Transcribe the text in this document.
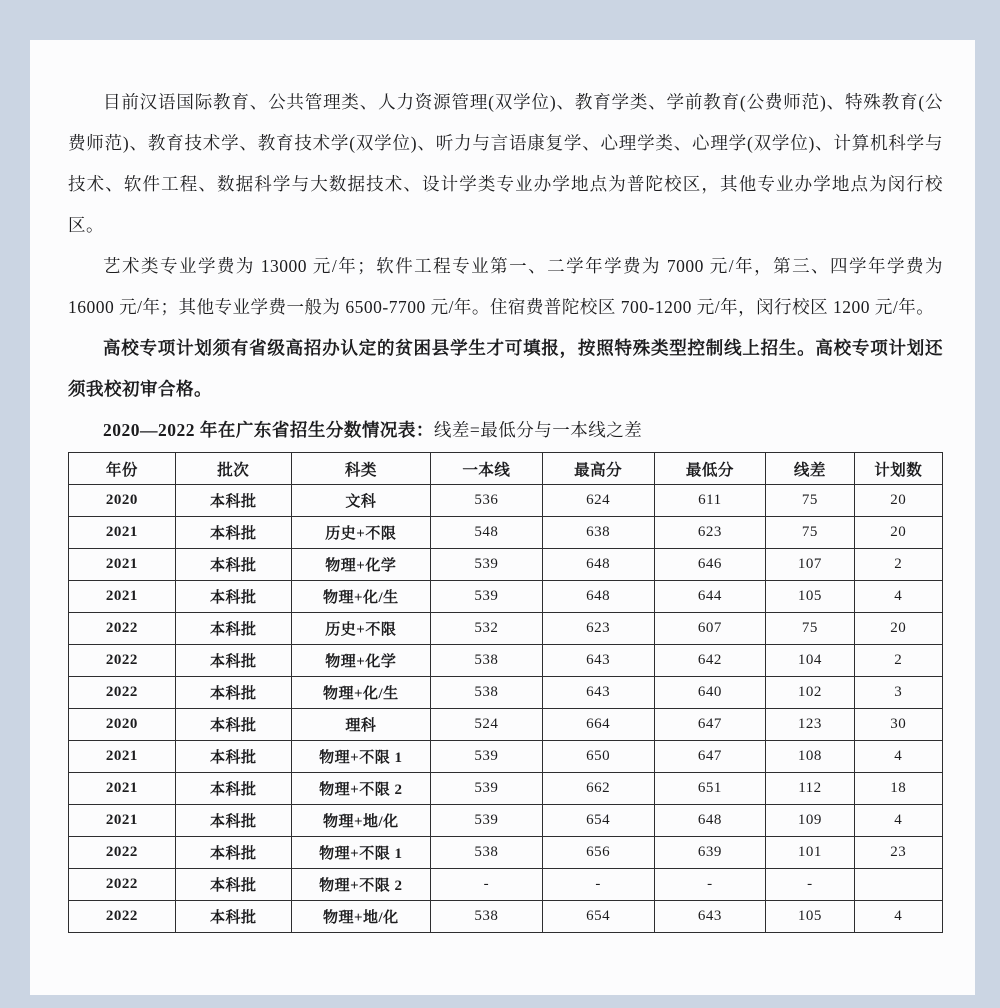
目前汉语国际教育、公共管理类、人力资源管理(双学位)、教育学类、学前教育(公费师范)、特殊教育(公费师范)、教育技术学、教育技术学(双学位)、听力与言语康复学、心理学类、心理学(双学位)、计算机科学与技术、软件工程、数据科学与大数据技术、设计学类专业办学地点为普陀校区，其他专业办学地点为闵行校区。

艺术类专业学费为 13000 元/年；软件工程专业第一、二学年学费为 7000 元/年，第三、四学年学费为 16000 元/年；其他专业学费一般为 6500-7700 元/年。住宿费普陀校区 700-1200 元/年，闵行校区 1200 元/年。

高校专项计划须有省级高招办认定的贫困县学生才可填报，按照特殊类型控制线上招生。高校专项计划还须我校初审合格。

2020—2022 年在广东省招生分数情况表：线差=最低分与一本线之差

年份	批次	科类	一本线	最高分	最低分	线差	计划数
2020	本科批	文科	536	624	611	75	20
2021	本科批	历史+不限	548	638	623	75	20
2021	本科批	物理+化学	539	648	646	107	2
2021	本科批	物理+化/生	539	648	644	105	4
2022	本科批	历史+不限	532	623	607	75	20
2022	本科批	物理+化学	538	643	642	104	2
2022	本科批	物理+化/生	538	643	640	102	3
2020	本科批	理科	524	664	647	123	30
2021	本科批	物理+不限 1	539	650	647	108	4
2021	本科批	物理+不限 2	539	662	651	112	18
2021	本科批	物理+地/化	539	654	648	109	4
2022	本科批	物理+不限 1	538	656	639	101	23
2022	本科批	物理+不限 2	-	-	-	-	
2022	本科批	物理+地/化	538	654	643	105	4
